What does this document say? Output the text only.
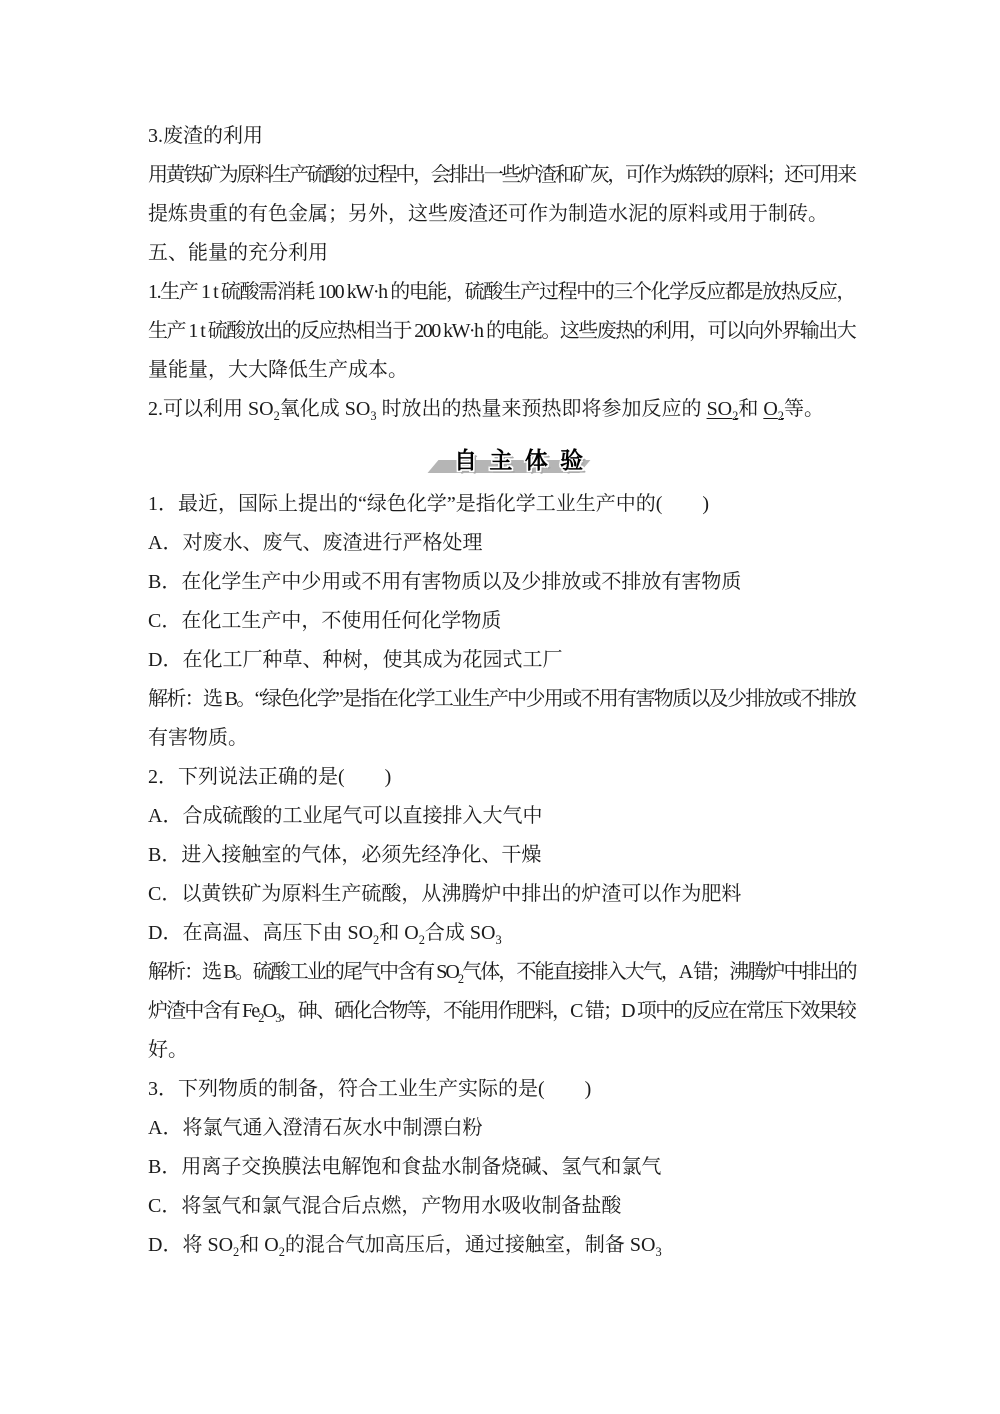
3.废渣的利用
用黄铁矿为原料生产硫酸的过程中，会排出一些炉渣和矿灰，可作为炼铁的原料；还可用来
提炼贵重的有色金属；另外，这些废渣还可作为制造水泥的原料或用于制砖。
五、能量的充分利用
1.生产 1 t 硫酸需消耗 100 kW·h 的电能，硫酸生产过程中的三个化学反应都是放热反应，
生产 1 t 硫酸放出的反应热相当于 200 kW·h 的电能。这些废热的利用，可以向外界输出大
量能量，大大降低生产成本。
2.可以利用 $SO_2$氧化成 $SO_3$ 时放出的热量来预热即将参加反应的 $SO_2$和 $O_2$等。
自 主 体 验
1．最近，国际上提出的“绿色化学”是指化学工业生产中的(　　)
A．对废水、废气、废渣进行严格处理
B．在化学生产中少用或不用有害物质以及少排放或不排放有害物质
C．在化工生产中，不使用任何化学物质
D．在化工厂种草、种树，使其成为花园式工厂
解析：选 B。“绿色化学”是指在化学工业生产中少用或不用有害物质以及少排放或不排放
有害物质。
2．下列说法正确的是(　　)
A．合成硫酸的工业尾气可以直接排入大气中
B．进入接触室的气体，必须先经净化、干燥
C．以黄铁矿为原料生产硫酸，从沸腾炉中排出的炉渣可以作为肥料
D．在高温、高压下由 $SO_2$和 $O_2$合成 $SO_3$
解析：选 B。硫酸工业的尾气中含有 $SO_2$气体，不能直接排入大气，A 错；沸腾炉中排出的
炉渣中含有 $Fe_2O_3$，砷、硒化合物等，不能用作肥料，C 错；D 项中的反应在常压下效果较
好。
3．下列物质的制备，符合工业生产实际的是(　　)
A．将氯气通入澄清石灰水中制漂白粉
B．用离子交换膜法电解饱和食盐水制备烧碱、氢气和氯气
C．将氢气和氯气混合后点燃，产物用水吸收制备盐酸
D．将 $SO_2$和 $O_2$的混合气加高压后，通过接触室，制备 $SO_3$
